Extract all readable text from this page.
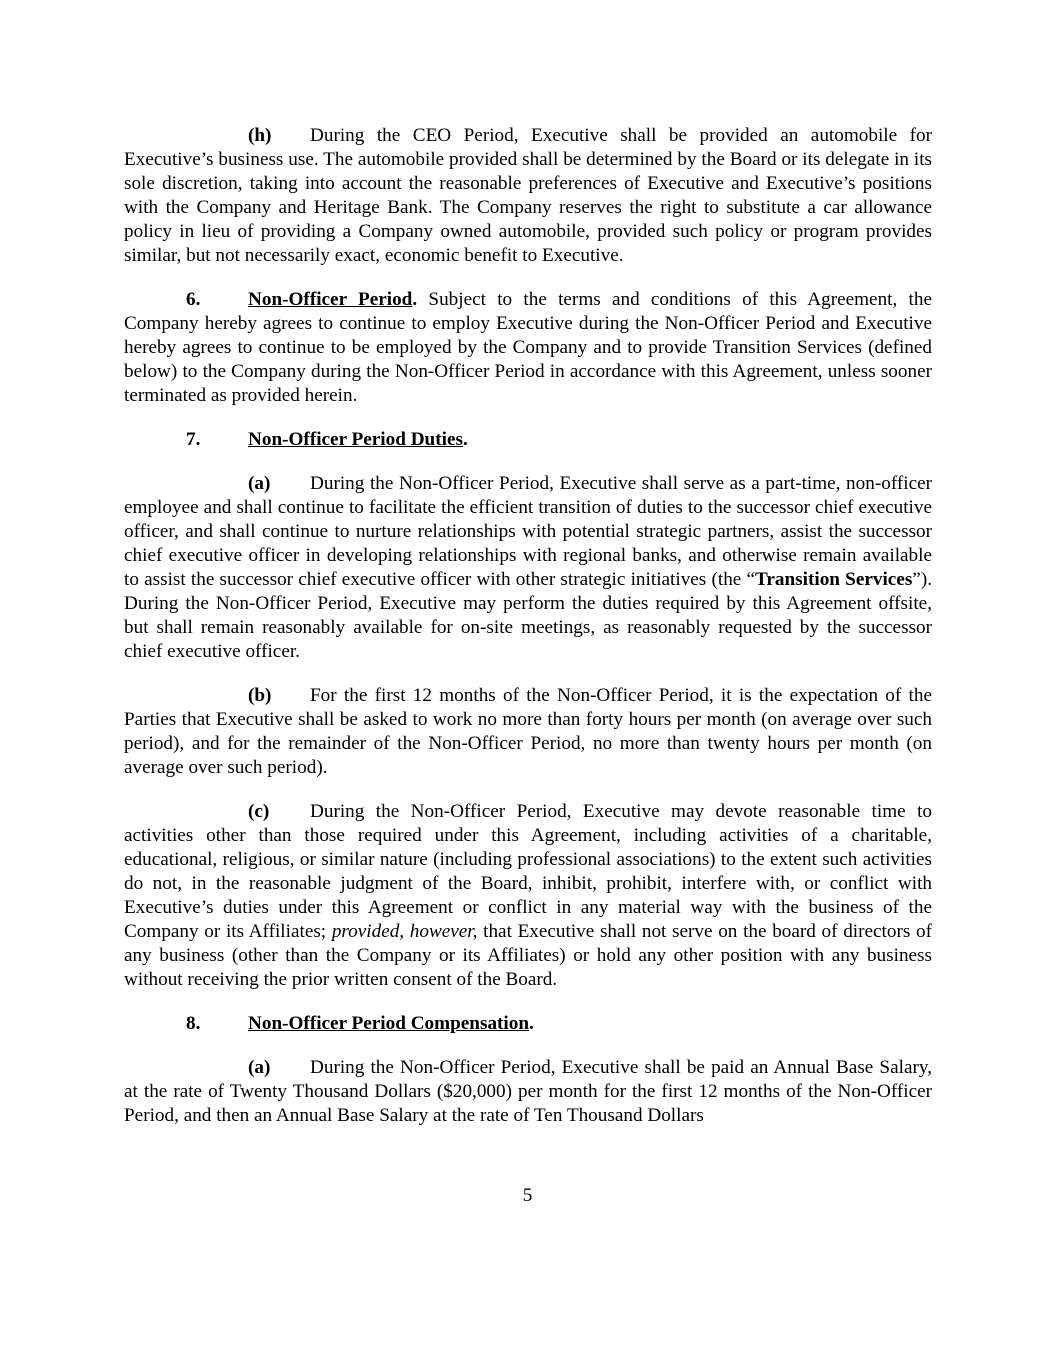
(h) During the CEO Period, Executive shall be provided an automobile for Executive’s business use. The automobile provided shall be determined by the Board or its delegate in its sole discretion, taking into account the reasonable preferences of Executive and Executive’s positions with the Company and Heritage Bank. The Company reserves the right to substitute a car allowance policy in lieu of providing a Company owned automobile, provided such policy or program provides similar, but not necessarily exact, economic benefit to Executive.

6. Non-Officer Period. Subject to the terms and conditions of this Agreement, the Company hereby agrees to continue to employ Executive during the Non-Officer Period and Executive hereby agrees to continue to be employed by the Company and to provide Transition Services (defined below) to the Company during the Non-Officer Period in accordance with this Agreement, unless sooner terminated as provided herein.

7. Non-Officer Period Duties.

(a) During the Non-Officer Period, Executive shall serve as a part-time, non-officer employee and shall continue to facilitate the efficient transition of duties to the successor chief executive officer, and shall continue to nurture relationships with potential strategic partners, assist the successor chief executive officer in developing relationships with regional banks, and otherwise remain available to assist the successor chief executive officer with other strategic initiatives (the “Transition Services”). During the Non-Officer Period, Executive may perform the duties required by this Agreement offsite, but shall remain reasonably available for on-site meetings, as reasonably requested by the successor chief executive officer.

(b) For the first 12 months of the Non-Officer Period, it is the expectation of the Parties that Executive shall be asked to work no more than forty hours per month (on average over such period), and for the remainder of the Non-Officer Period, no more than twenty hours per month (on average over such period).

(c) During the Non-Officer Period, Executive may devote reasonable time to activities other than those required under this Agreement, including activities of a charitable, educational, religious, or similar nature (including professional associations) to the extent such activities do not, in the reasonable judgment of the Board, inhibit, prohibit, interfere with, or conflict with Executive’s duties under this Agreement or conflict in any material way with the business of the Company or its Affiliates; provided, however, that Executive shall not serve on the board of directors of any business (other than the Company or its Affiliates) or hold any other position with any business without receiving the prior written consent of the Board.

8. Non-Officer Period Compensation.

(a) During the Non-Officer Period, Executive shall be paid an Annual Base Salary, at the rate of Twenty Thousand Dollars ($20,000) per month for the first 12 months of the Non-Officer Period, and then an Annual Base Salary at the rate of Ten Thousand Dollars

5
